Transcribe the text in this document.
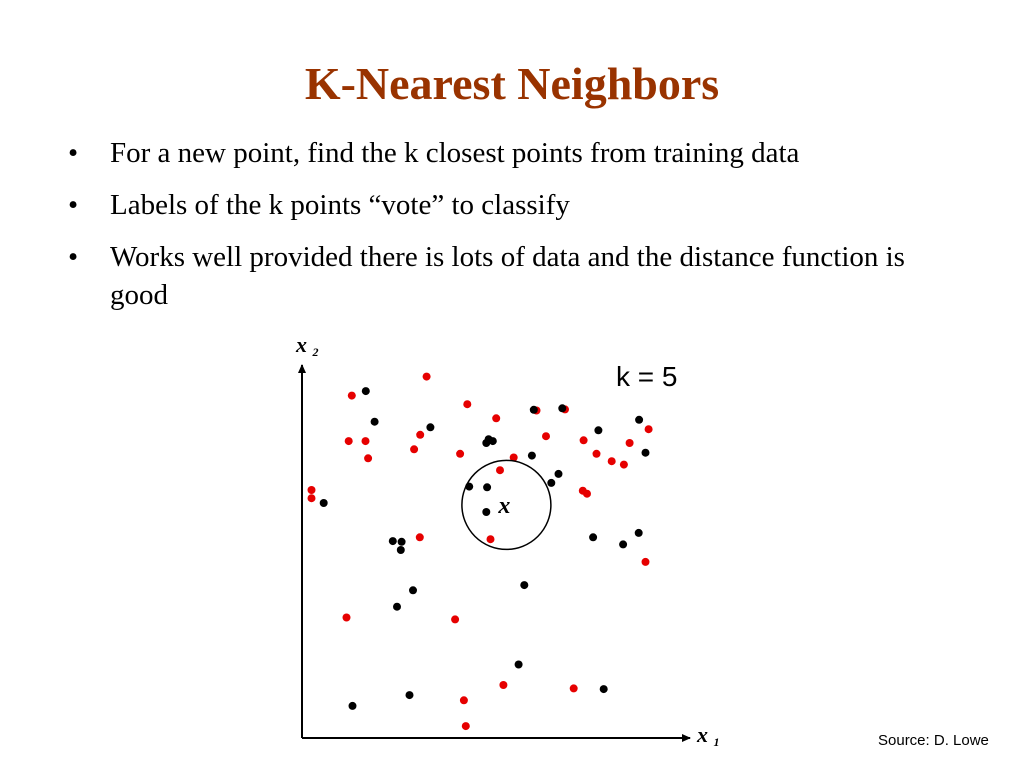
K-Nearest Neighbors
•	For a new point, find the k closest points from training data
•	Labels of the k points “vote” to classify
•	Works well provided there is lots of data and the distance function is good
x 2
x 1
x
k = 5
Source: D. Lowe
